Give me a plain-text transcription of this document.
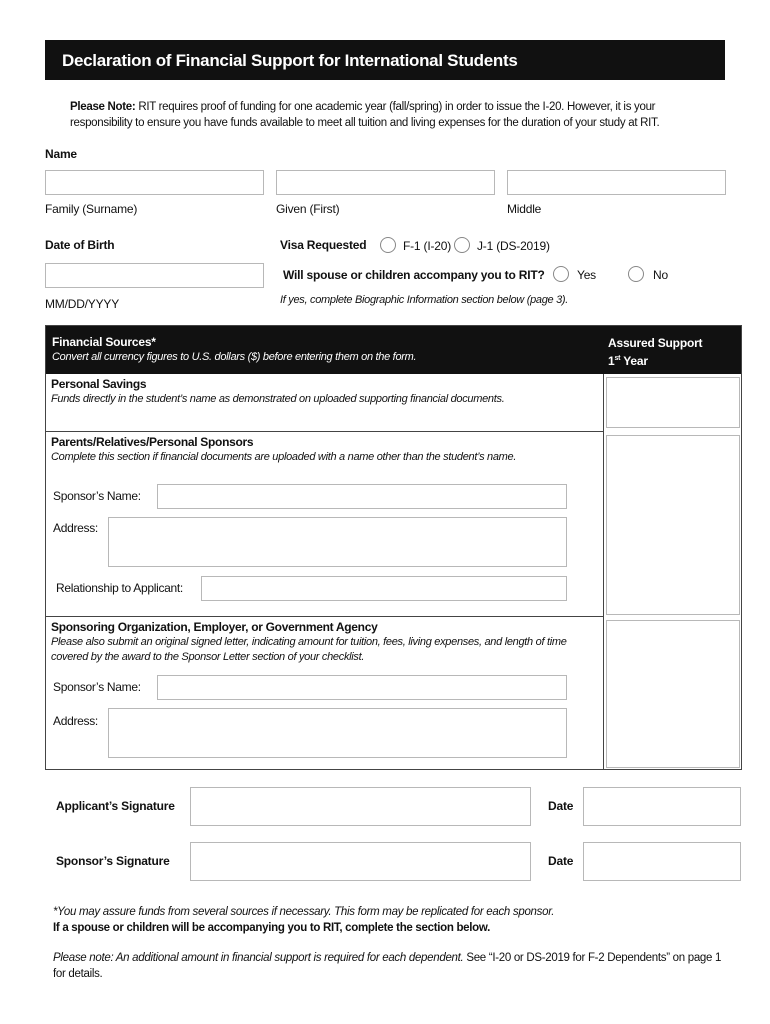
Declaration of Financial Support for International Students
Please Note: RIT requires proof of funding for one academic year (fall/spring) in order to issue the I-20. However, it is your responsibility to ensure you have funds available to meet all tuition and living expenses for the duration of your study at RIT.
Name
Family (Surname)	Given (First)	Middle
Date of Birth
MM/DD/YYYY
Visa Requested	F-1 (I-20) J-1 (DS-2019)
Will spouse or children accompany you to RIT?	Yes	No
If yes, complete Biographic Information section below (page 3).
Financial Sources*
Convert all currency figures to U.S. dollars ($) before entering them on the form.
Assured Support
1st Year
Personal Savings
Funds directly in the student’s name as demonstrated on uploaded supporting financial documents.
Parents/Relatives/Personal Sponsors
Complete this section if financial documents are uploaded with a name other than the student’s name.
Sponsor’s Name:
Address:
Relationship to Applicant:
Sponsoring Organization, Employer, or Government Agency
Please also submit an original signed letter, indicating amount for tuition, fees, living expenses, and length of time covered by the award to the Sponsor Letter section of your checklist.
Sponsor’s Name:
Address:
Applicant’s Signature	Date
Sponsor’s Signature	Date
*You may assure funds from several sources if necessary. This form may be replicated for each sponsor.
If a spouse or children will be accompanying you to RIT, complete the section below.
Please note: An additional amount in financial support is required for each dependent. See “I-20 or DS-2019 for F-2 Dependents” on page 1 for details.
